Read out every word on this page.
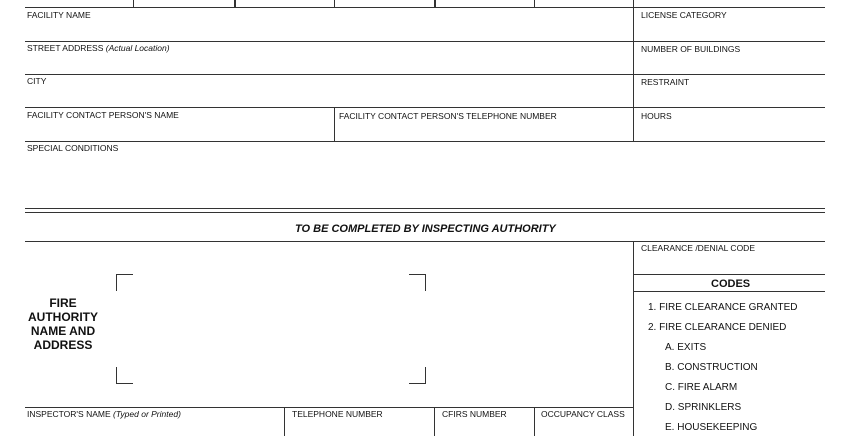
FACILITY NAME	LICENSE CATEGORY
STREET ADDRESS (Actual Location)	NUMBER OF BUILDINGS
CITY	RESTRAINT
FACILITY CONTACT PERSON'S NAME	FACILITY CONTACT PERSON'S TELEPHONE NUMBER	HOURS
SPECIAL CONDITIONS
TO BE COMPLETED BY INSPECTING AUTHORITY
CLEARANCE /DENIAL CODE
CODES
1. FIRE CLEARANCE GRANTED
2. FIRE CLEARANCE DENIED
A. EXITS
B. CONSTRUCTION
C. FIRE ALARM
D. SPRINKLERS
E. HOUSEKEEPING
FIRE
AUTHORITY
NAME AND
ADDRESS
INSPECTOR'S NAME (Typed or Printed)	TELEPHONE NUMBER	CFIRS NUMBER	OCCUPANCY CLASS
